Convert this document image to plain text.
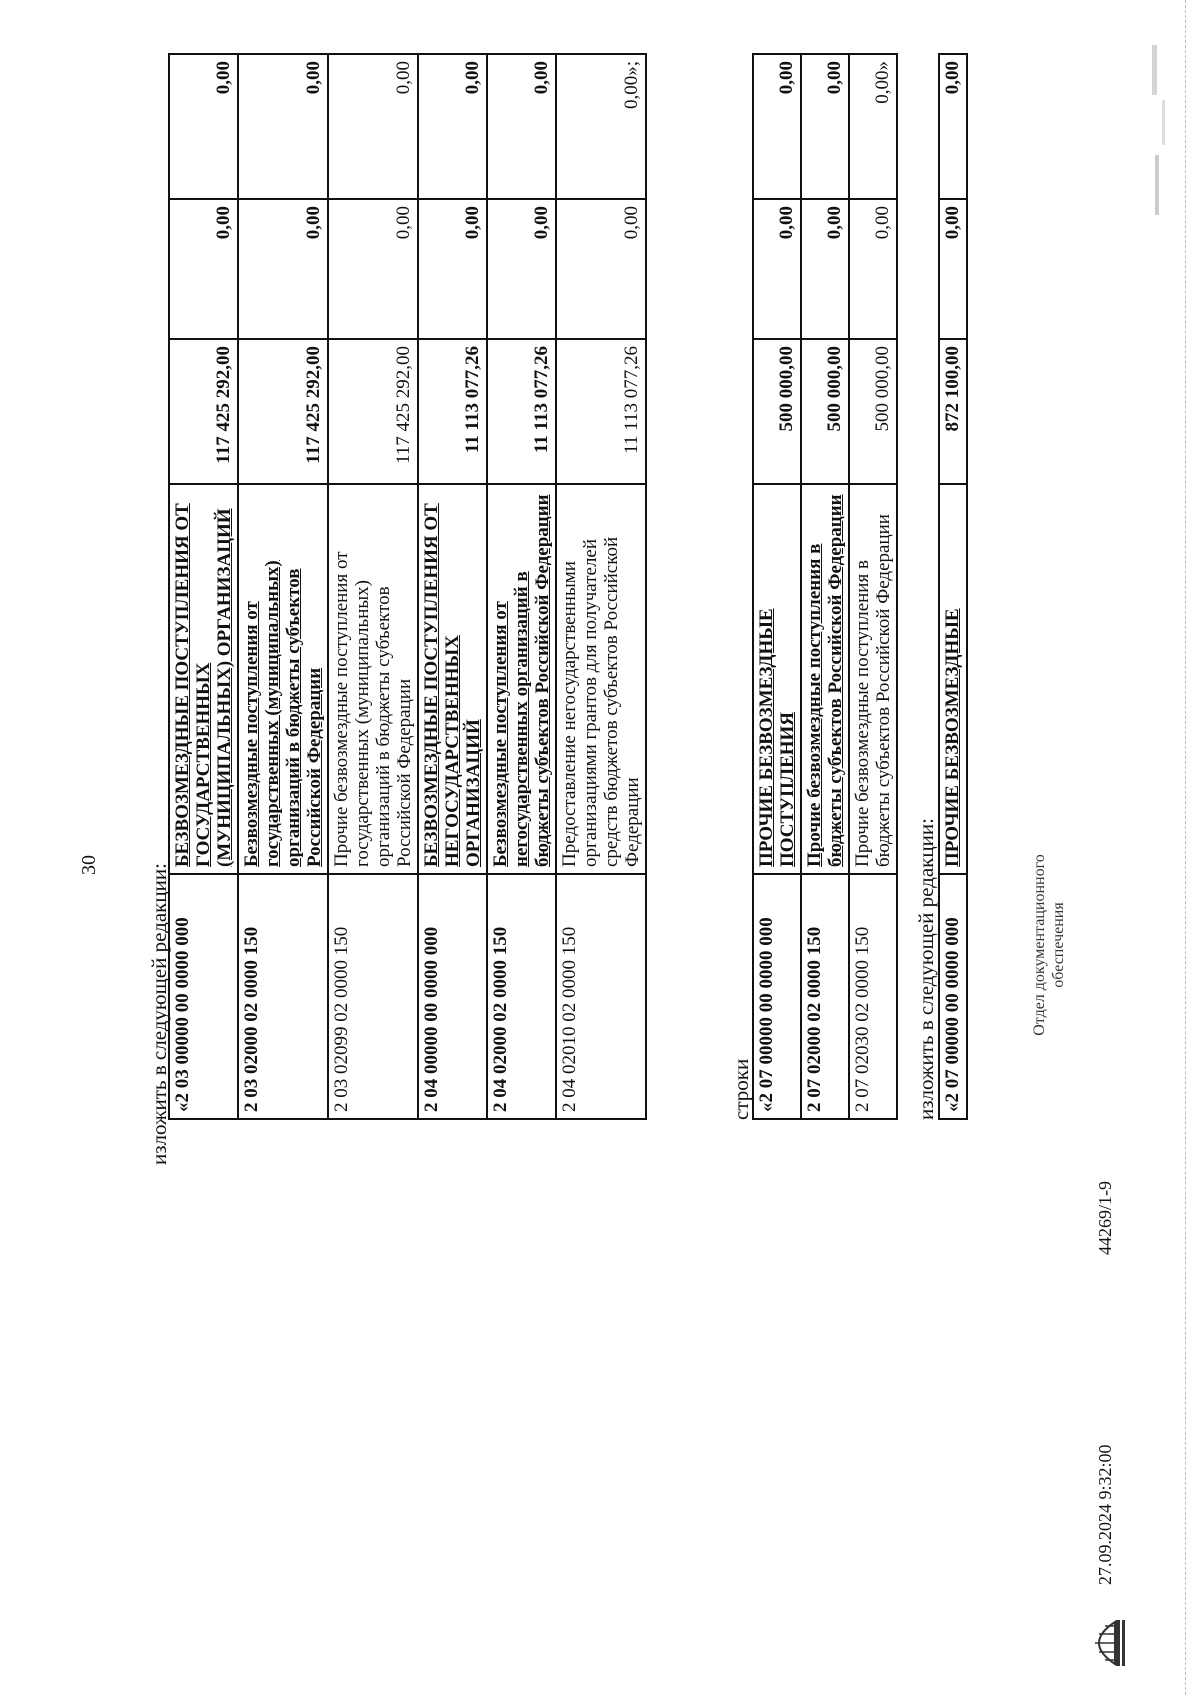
30 изложить в следующей редакции: «2 03 00000 00 0000 000	БЕЗВОЗМЕЗДНЫЕ ПОСТУПЛЕНИЯ ОТ ГОСУДАРСТВЕННЫХ (МУНИЦИПАЛЬНЫХ) ОРГАНИЗАЦИЙ	117 425 292,00	0,00	0,00
2 03 02000 02 0000 150	Безвозмездные поступления от государственных (муниципальных) организаций в бюджеты субъектов Российской Федерации	117 425 292,00	0,00	0,00
2 03 02099 02 0000 150	Прочие безвозмездные поступления от государственных (муниципальных) организаций в бюджеты субъектов Российской Федерации	117 425 292,00	0,00	0,00
2 04 00000 00 0000 000	БЕЗВОЗМЕЗДНЫЕ ПОСТУПЛЕНИЯ ОТ НЕГОСУДАРСТВЕННЫХ ОРГАНИЗАЦИЙ	11 113 077,26	0,00	0,00
2 04 02000 02 0000 150	Безвозмездные поступления от негосударственных организаций в бюджеты субъектов Российской Федерации	11 113 077,26	0,00	0,00
2 04 02010 02 0000 150	Предоставление негосударственными организациями грантов для получателей средств бюджетов субъектов Российской Федерации	11 113 077,26	0,00	0,00»;
строки «2 07 00000 00 0000 000	ПРОЧИЕ БЕЗВОЗМЕЗДНЫЕ ПОСТУПЛЕНИЯ	500 000,00	0,00	0,00
2 07 02000 02 0000 150	Прочие безвозмездные поступления в бюджеты субъектов Российской Федерации	500 000,00	0,00	0,00
2 07 02030 02 0000 150	Прочие безвозмездные поступления в бюджеты субъектов Российской Федерации	500 000,00	0,00	0,00»
изложить в следующей редакции: «2 07 00000 00 0000 000	ПРОЧИЕ БЕЗВОЗМЕЗДНЫЕ	872 100,00	0,00	0,00
27.09.2024 9:32:00
44269/1-9
Отдел документационного обеспечения
